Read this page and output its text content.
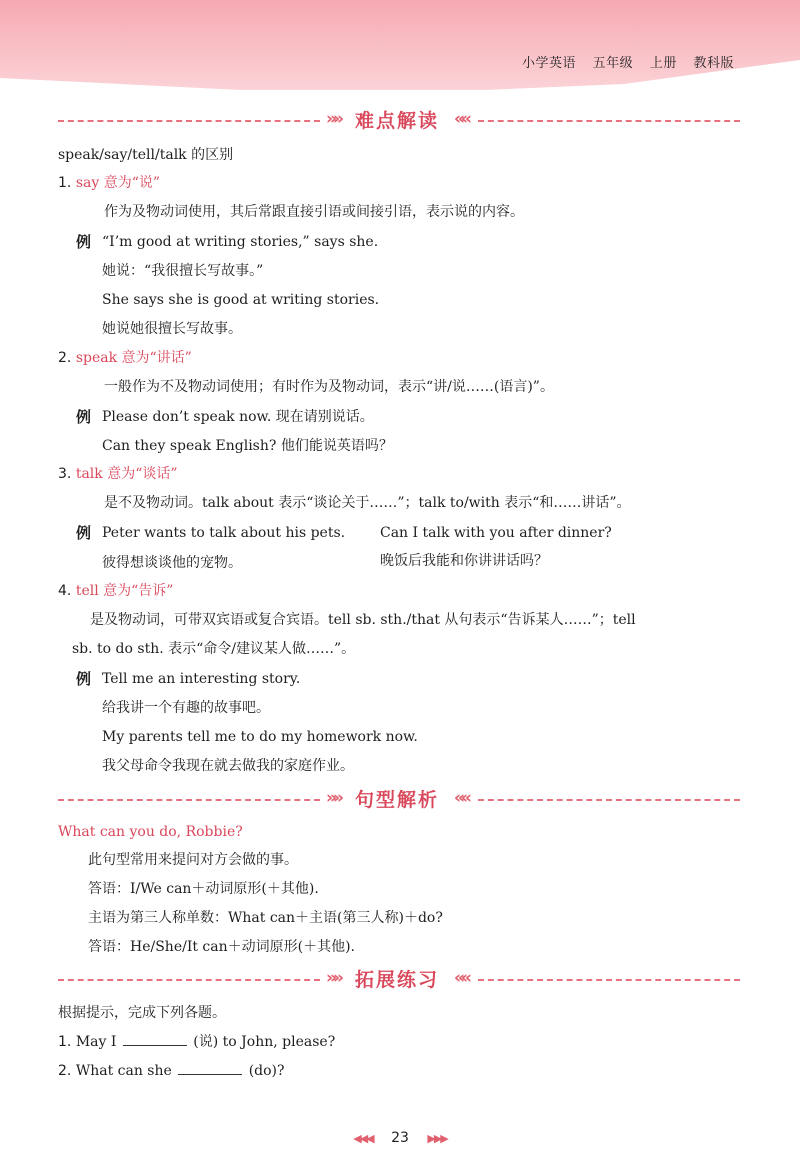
小学英语 五年级 上册 教科版
»» 难点解读 ««
speak/say/tell/talk 的区别
1. say 意为“说”
作为及物动词使用，其后常跟直接引语或间接引语，表示说的内容。
例 “I’m good at writing stories,” says she.
她说：“我很擅长写故事。”
She says she is good at writing stories.
她说她很擅长写故事。
2. speak 意为“讲话”
一般作为不及物动词使用；有时作为及物动词，表示“讲/说……(语言)”。
例 Please don’t speak now. 现在请别说话。
Can they speak English? 他们能说英语吗？
3. talk 意为“谈话”
是不及物动词。talk about 表示“谈论关于……”；talk to/with 表示“和……讲话”。
例 Peter wants to talk about his pets.
彼得想谈谈他的宠物。
Can I talk with you after dinner?
晚饭后我能和你讲讲话吗？
4. tell 意为“告诉”
是及物动词，可带双宾语或复合宾语。tell sb. sth./that 从句表示“告诉某人……”；tell
sb. to do sth. 表示“命令/建议某人做……”。
例 Tell me an interesting story.
给我讲一个有趣的故事吧。
My parents tell me to do my homework now.
我父母命令我现在就去做我的家庭作业。
»» 句型解析 ««
What can you do, Robbie?
此句型常用来提问对方会做的事。
答语：I/We can＋动词原形(＋其他).
主语为第三人称单数：What can＋主语(第三人称)＋do?
答语：He/She/It can＋动词原形(＋其他).
»» 拓展练习 ««
根据提示，完成下列各题。
1. May I	(说) to John, please?
2. What can she	(do)?
◀◀◀ 23 ▶▶▶
